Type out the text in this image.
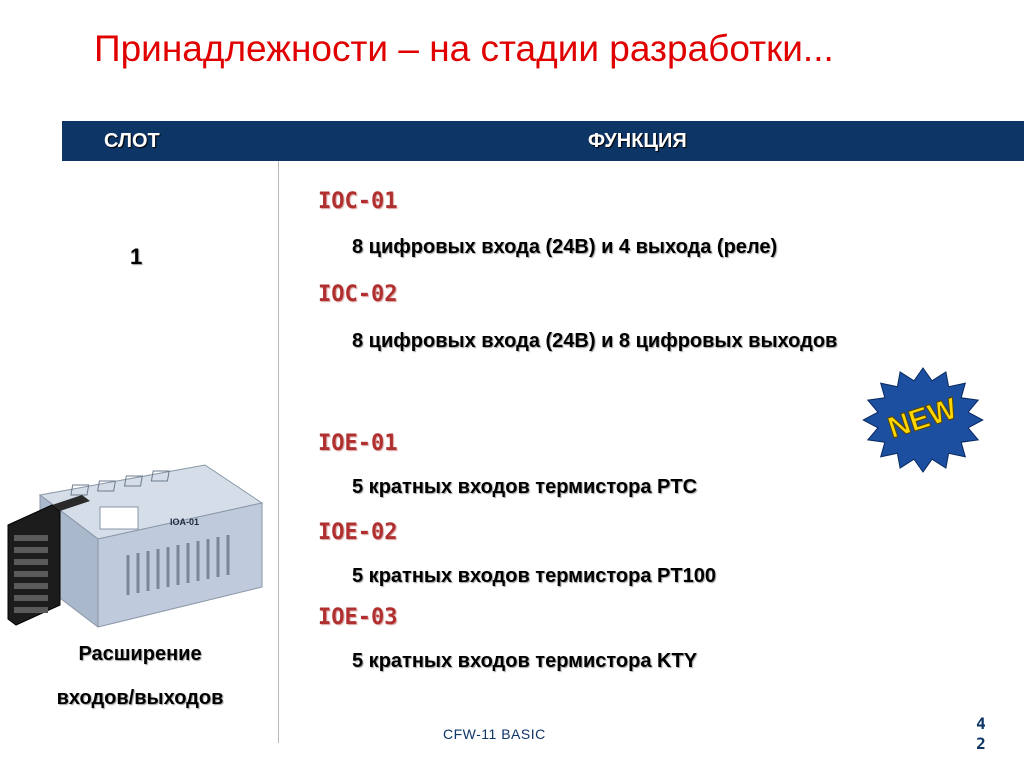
Принадлежности – на стадии разработки...
СЛОТ	ФУНКЦИЯ
1
IOC-01
8 цифровых входа (24В) и 4 выхода (реле)
IOC-02
8 цифровых входа (24В) и 8 цифровых выходов
IOE-01
5 кратных входов термистора PTC
IOE-02
5 кратных входов термистора PT100
IOE-03
5 кратных входов термистора KTY
IOA-01
Расширение
входов/выходов
NEW
CFW-11 BASIC
4
2
